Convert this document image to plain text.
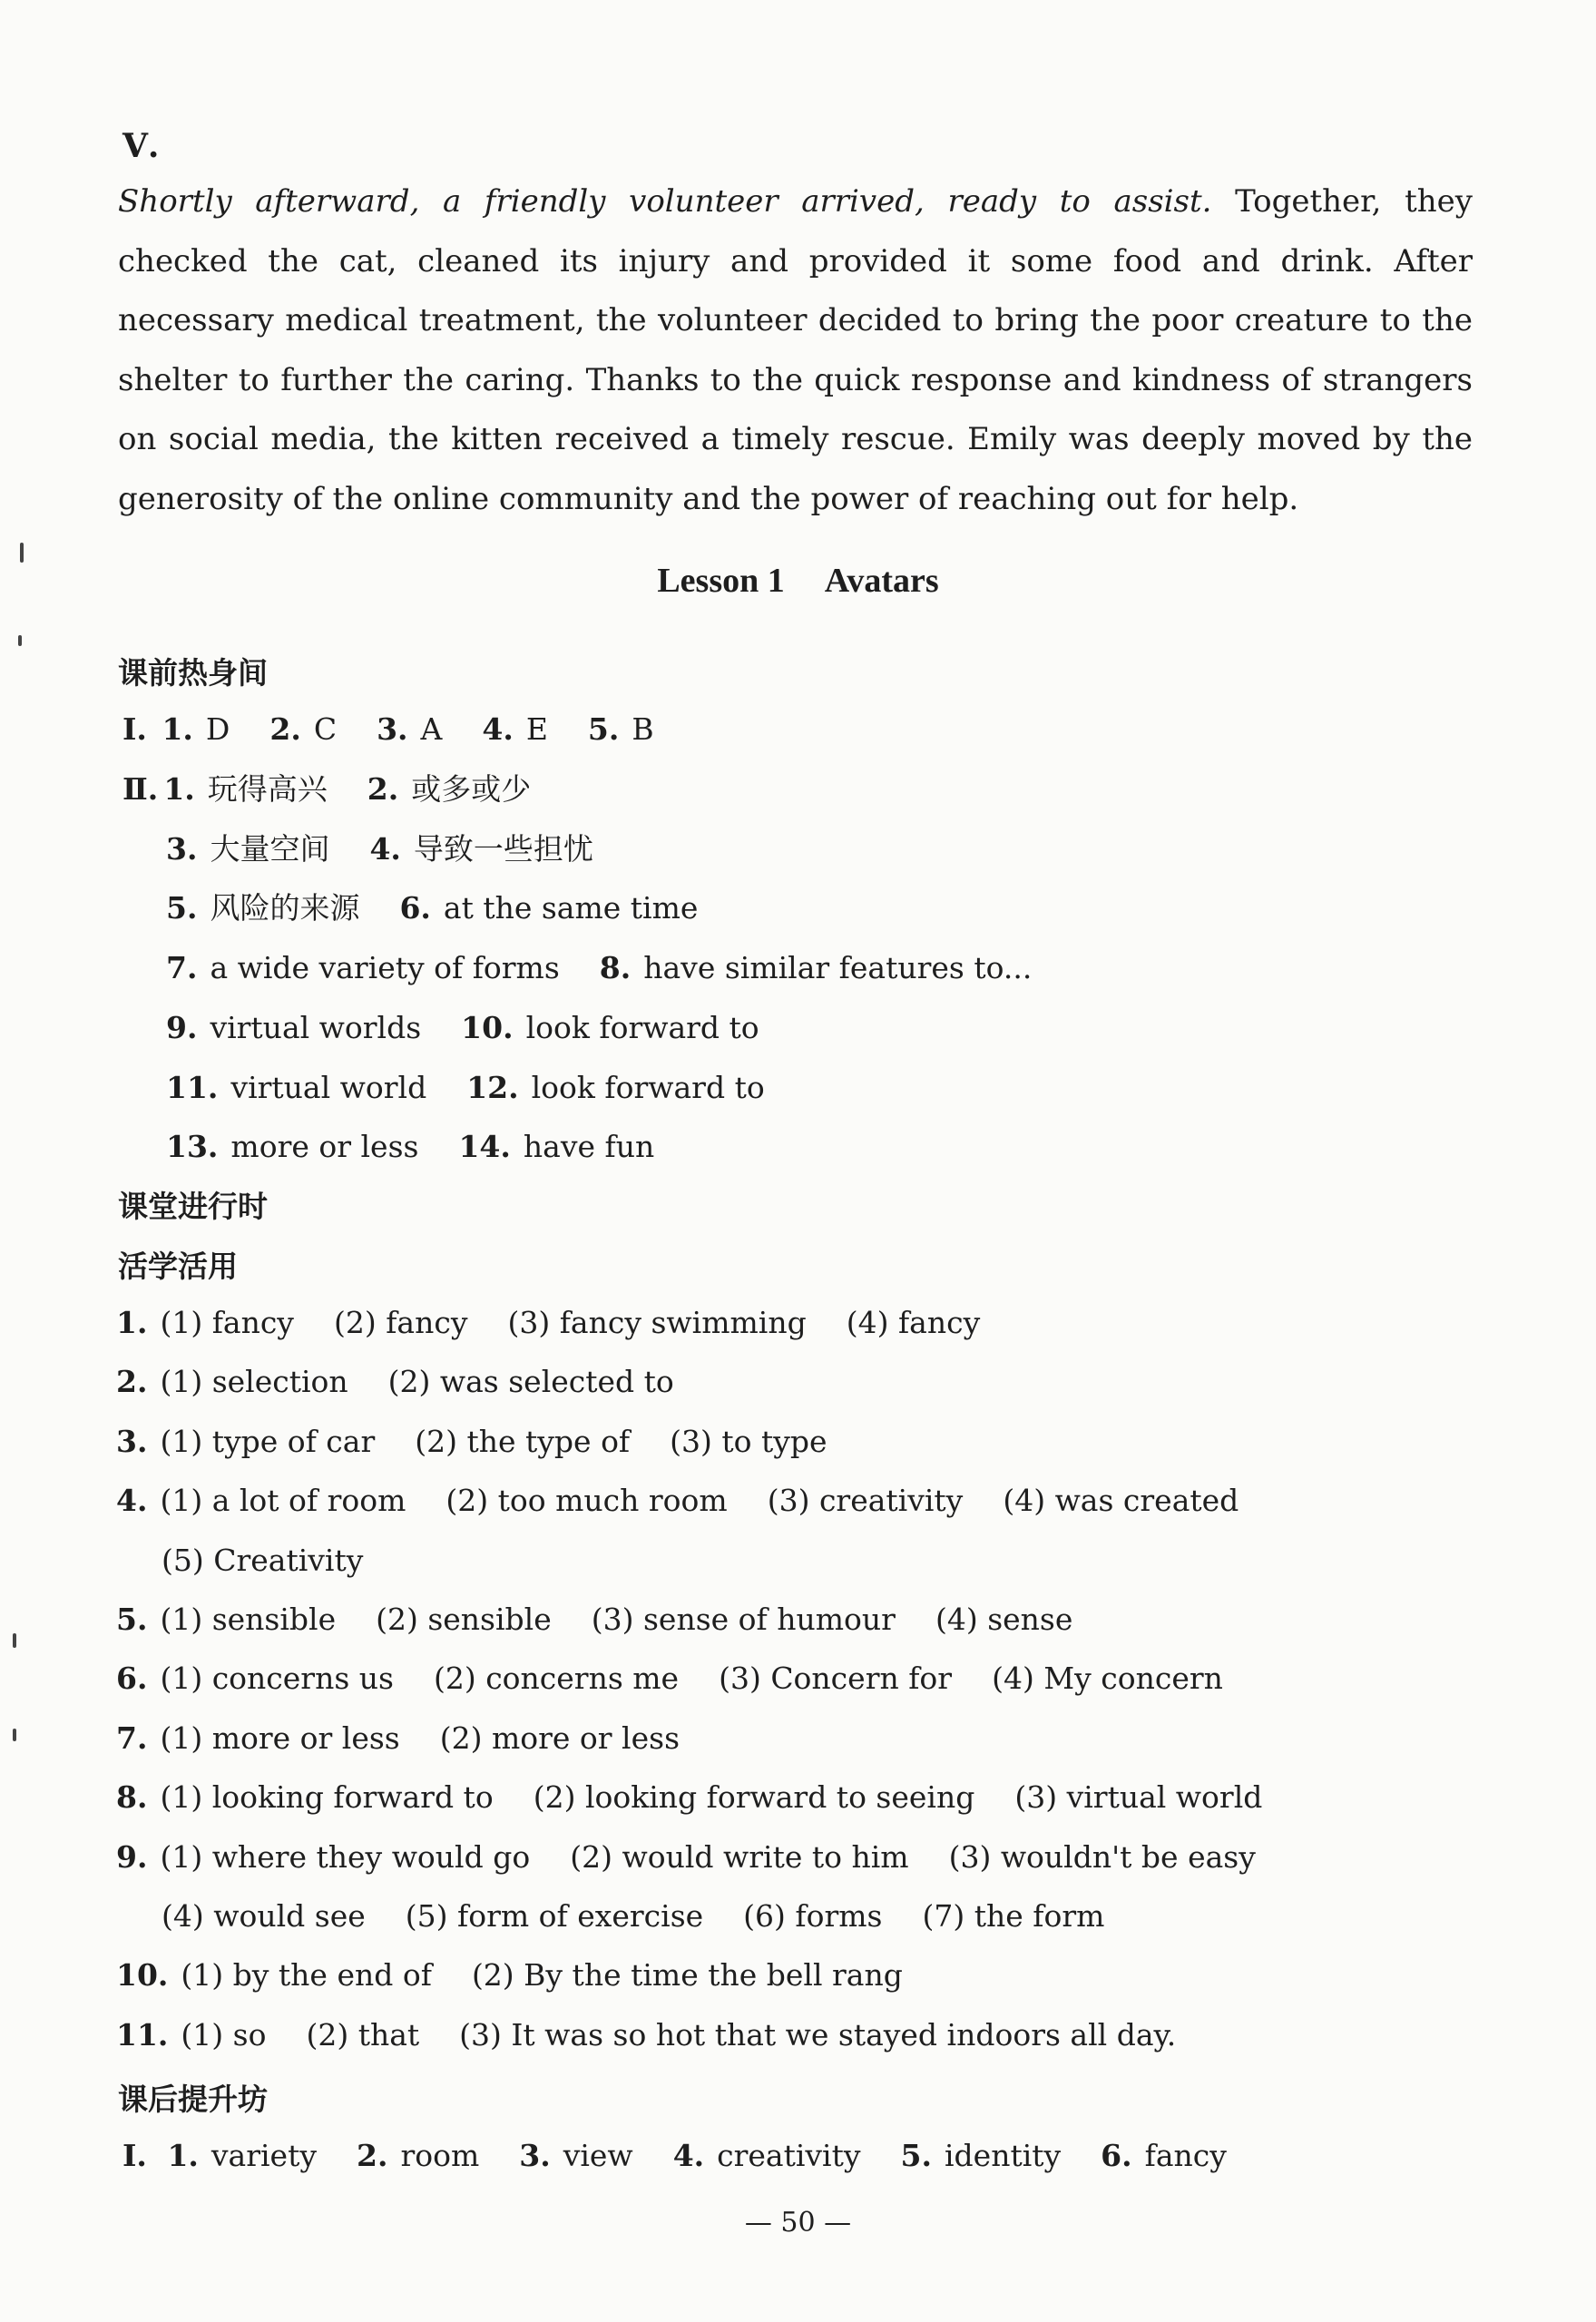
Ⅴ.
Shortly afterward, a friendly volunteer arrived, ready to assist. Together, they checked the cat, cleaned its injury and provided it some food and drink. After necessary medical treatment, the volunteer decided to bring the poor creature to the shelter to further the caring. Thanks to the quick response and kindness of strangers on social media, the kitten received a timely rescue. Emily was deeply moved by the generosity of the online community and the power of reaching out for help.
Lesson 1 Avatars
课前热身间
Ⅰ. 1. D 2. C 3. A 4. E 5. B
Ⅱ. 1. 玩得高兴 2. 或多或少
3. 大量空间 4. 导致一些担忧
5. 风险的来源 6. at the same time
7. a wide variety of forms 8. have similar features to...
9. virtual worlds 10. look forward to
11. virtual world 12. look forward to
13. more or less 14. have fun
课堂进行时
活学活用
1. (1) fancy (2) fancy (3) fancy swimming (4) fancy
2. (1) selection (2) was selected to
3. (1) type of car (2) the type of (3) to type
4. (1) a lot of room (2) too much room (3) creativity (4) was created
(5) Creativity
5. (1) sensible (2) sensible (3) sense of humour (4) sense
6. (1) concerns us (2) concerns me (3) Concern for (4) My concern
7. (1) more or less (2) more or less
8. (1) looking forward to (2) looking forward to seeing (3) virtual world
9. (1) where they would go (2) would write to him (3) wouldn't be easy
(4) would see (5) form of exercise (6) forms (7) the form
10. (1) by the end of (2) By the time the bell rang
11. (1) so (2) that (3) It was so hot that we stayed indoors all day.
课后提升坊
Ⅰ. 1. variety 2. room 3. view 4. creativity 5. identity 6. fancy
— 50 —
